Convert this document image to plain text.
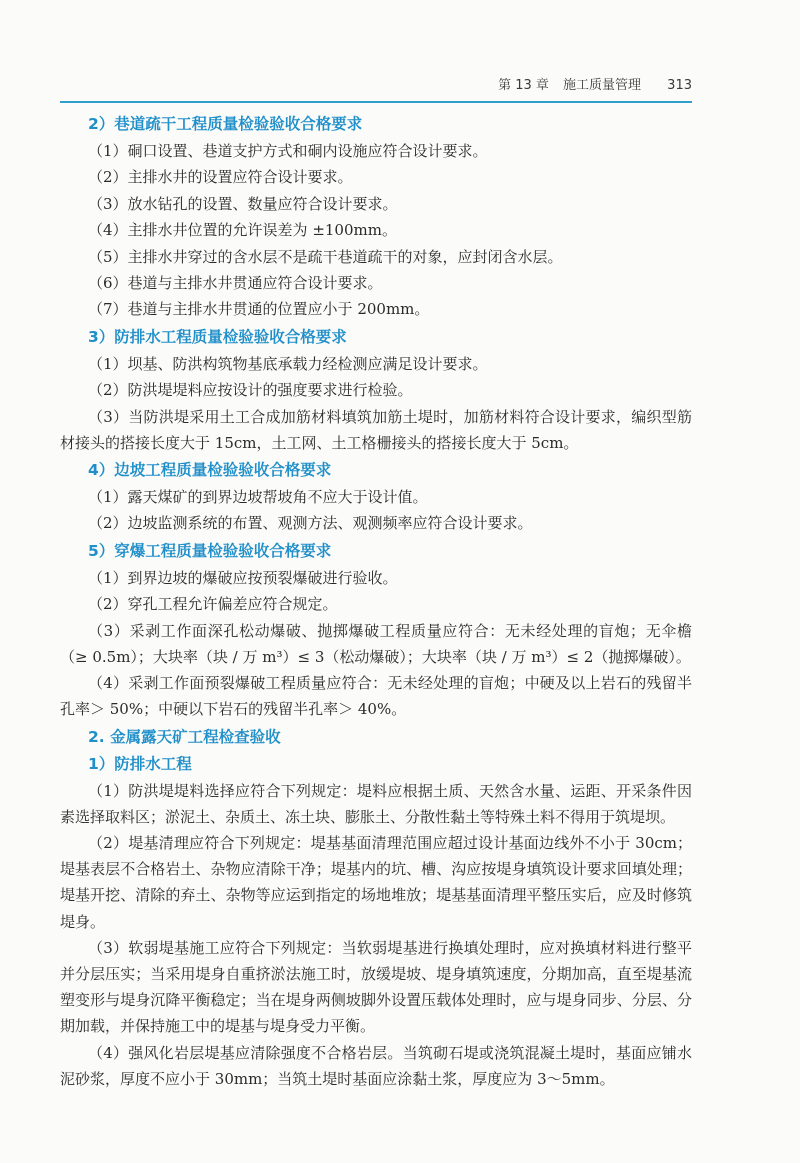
第 13 章 施工质量管理 313
2）巷道疏干工程质量检验验收合格要求

（1）硐口设置、巷道支护方式和硐内设施应符合设计要求。

（2）主排水井的设置应符合设计要求。

（3）放水钻孔的设置、数量应符合设计要求。

（4）主排水井位置的允许误差为 ±100mm。

（5）主排水井穿过的含水层不是疏干巷道疏干的对象，应封闭含水层。

（6）巷道与主排水井贯通应符合设计要求。

（7）巷道与主排水井贯通的位置应小于 200mm。

3）防排水工程质量检验验收合格要求

（1）坝基、防洪构筑物基底承载力经检测应满足设计要求。

（2）防洪堤堤料应按设计的强度要求进行检验。

（3）当防洪堤采用土工合成加筋材料填筑加筋土堤时，加筋材料符合设计要求，编织型筋材接头的搭接长度大于 15cm，土工网、土工格栅接头的搭接长度大于 5cm。

4）边坡工程质量检验验收合格要求

（1）露天煤矿的到界边坡帮坡角不应大于设计值。

（2）边坡监测系统的布置、观测方法、观测频率应符合设计要求。

5）穿爆工程质量检验验收合格要求

（1）到界边坡的爆破应按预裂爆破进行验收。

（2）穿孔工程允许偏差应符合规定。

（3）采剥工作面深孔松动爆破、抛掷爆破工程质量应符合：无未经处理的盲炮；无伞檐（≥ 0.5m）；大块率（块 / 万 m³）≤ 3（松动爆破）；大块率（块 / 万 m³）≤ 2（抛掷爆破）。

（4）采剥工作面预裂爆破工程质量应符合：无未经处理的盲炮；中硬及以上岩石的残留半孔率＞ 50%；中硬以下岩石的残留半孔率＞ 40%。

2. 金属露天矿工程检查验收
1）防排水工程

（1）防洪堤堤料选择应符合下列规定：堤料应根据土质、天然含水量、运距、开采条件因素选择取料区；淤泥土、杂质土、冻土块、膨胀土、分散性黏土等特殊土料不得用于筑堤坝。

（2）堤基清理应符合下列规定：堤基基面清理范围应超过设计基面边线外不小于 30cm；堤基表层不合格岩土、杂物应清除干净；堤基内的坑、槽、沟应按堤身填筑设计要求回填处理；堤基开挖、清除的弃土、杂物等应运到指定的场地堆放；堤基基面清理平整压实后，应及时修筑堤身。

（3）软弱堤基施工应符合下列规定：当软弱堤基进行换填处理时，应对换填材料进行整平并分层压实；当采用堤身自重挤淤法施工时，放缓堤坡、堤身填筑速度，分期加高，直至堤基流塑变形与堤身沉降平衡稳定；当在堤身两侧坡脚外设置压载体处理时，应与堤身同步、分层、分期加载，并保持施工中的堤基与堤身受力平衡。

（4）强风化岩层堤基应清除强度不合格岩层。当筑砌石堤或浇筑混凝土堤时，基面应铺水泥砂浆，厚度不应小于 30mm；当筑土堤时基面应涂黏土浆，厚度应为 3～5mm。
